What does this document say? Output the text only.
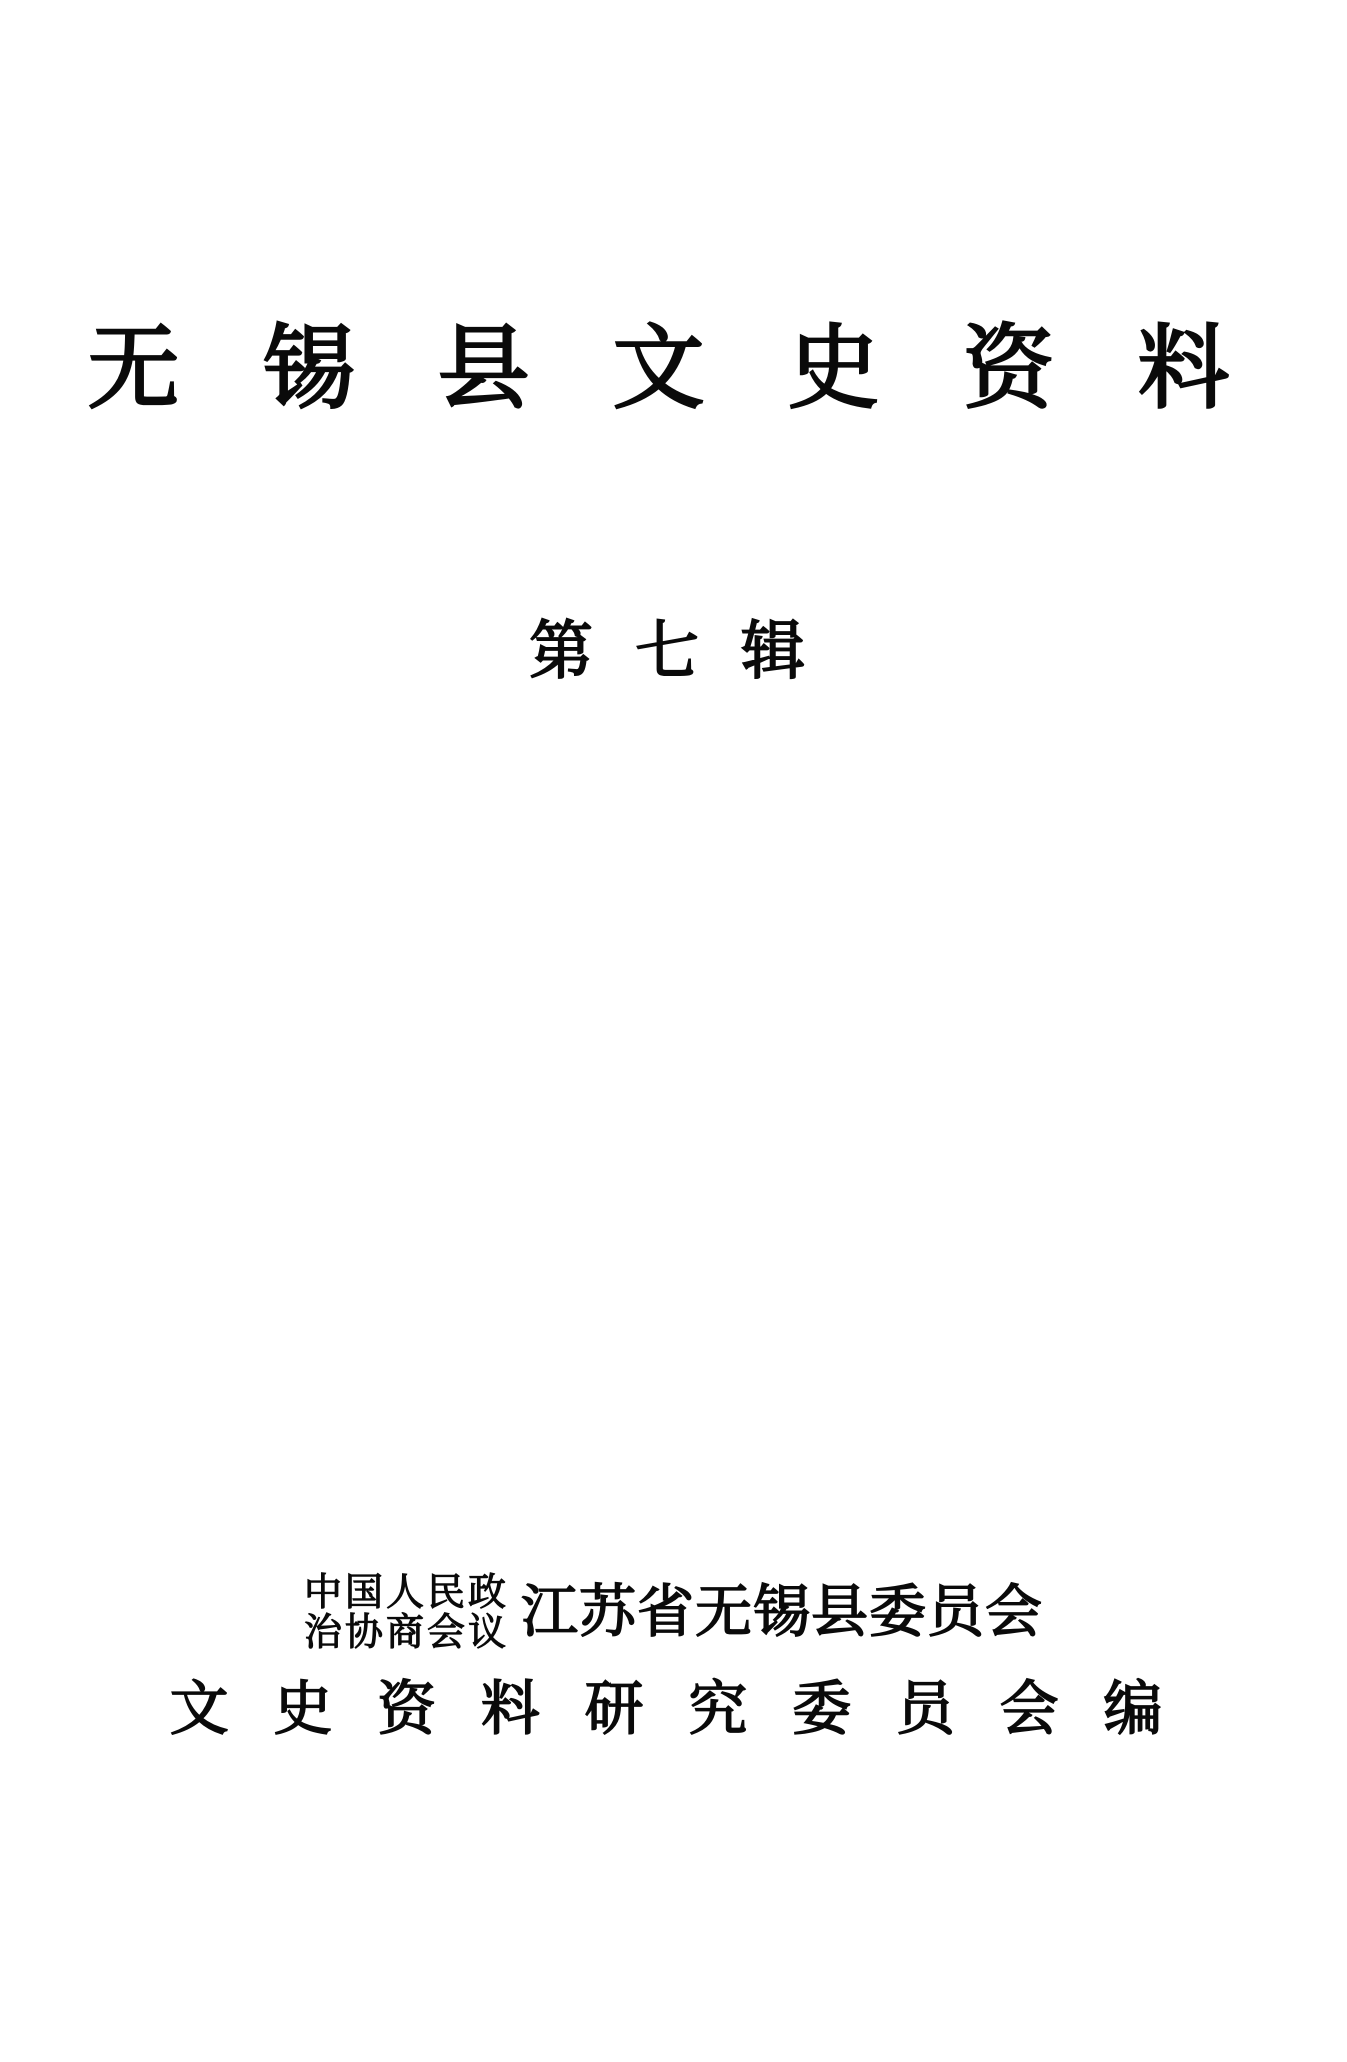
无 锡 县 文 史 资 料
第 七 辑
中国人民政
治协商会议 江苏省无锡县委员会
文 史 资 料 研 究 委 员 会 编
